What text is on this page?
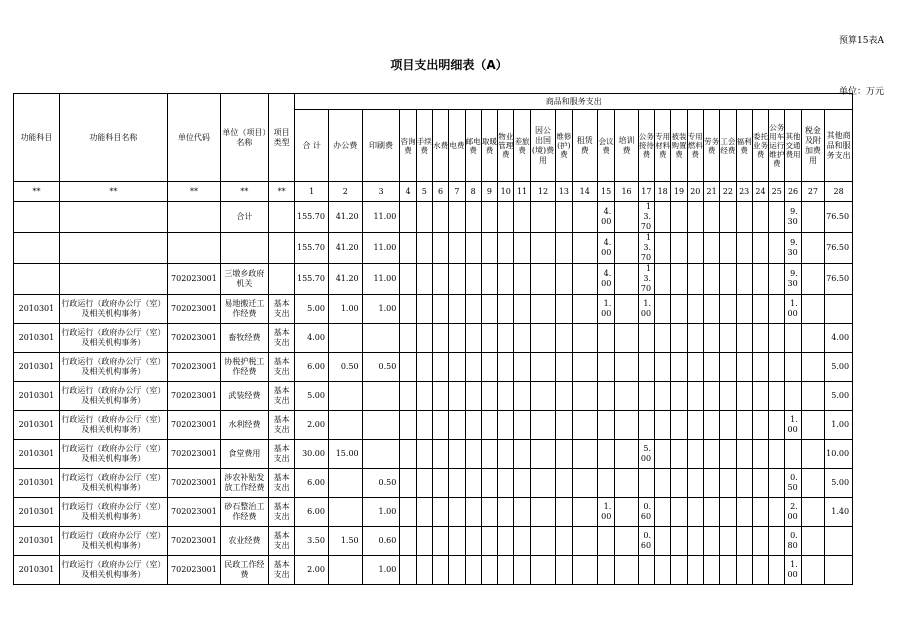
预算15表A
项目支出明细表（A）
单位：万元
功能科目	功能科目名称	单位代码	单位（项目）名称	项目类型	商品和服务支出																											
					合 计	办公费	印刷费	咨询费	手续费	水费	电费	邮电费	取暖费	物业管理费	差旅费	因公出国(境)费用	维修(护)费	租赁费	会议费	培训费	公务接待费	专用材料费	被装购置费	专用燃料费	劳务费	工会经费	福利费	委托业务费	公务用车运行维护费	其他交通费用	税金及附加费用	其他商品和服务支出
**	**	**	**	**	1	2	3	4	5	6	7	8	9	10	11	12	13	14	15	16	17	18	19	20	21	22	23	24	25	26	27	28
			合计		155.70	41.20	11.00												4.00		13.70									9.30		76.50
					155.70	41.20	11.00												4.00		13.70									9.30		76.50
		702023001	三墩乡政府机关		155.70	41.20	11.00												4.00		13.70									9.30		76.50
2010301	行政运行（政府办公厅（室）及相关机构事务）	702023001	易地搬迁工作经费	基本支出	5.00	1.00	1.00												1.00		1.00									1.00		
2010301	行政运行（政府办公厅（室）及相关机构事务）	702023001	畜牧经费	基本支出	4.00																											4.00
2010301	行政运行（政府办公厅（室）及相关机构事务）	702023001	协税护税工作经费	基本支出	6.00	0.50	0.50																									5.00
2010301	行政运行（政府办公厅（室）及相关机构事务）	702023001	武装经费	基本支出	5.00																											5.00
2010301	行政运行（政府办公厅（室）及相关机构事务）	702023001	水利经费	基本支出	2.00																									1.00		1.00
2010301	行政运行（政府办公厅（室）及相关机构事务）	702023001	食堂费用	基本支出	30.00	15.00															5.00											10.00
2010301	行政运行（政府办公厅（室）及相关机构事务）	702023001	涉农补贴发放工作经费	基本支出	6.00		0.50																							0.50		5.00
2010301	行政运行（政府办公厅（室）及相关机构事务）	702023001	砂石整治工作经费	基本支出	6.00		1.00												1.00		0.60									2.00		1.40
2010301	行政运行（政府办公厅（室）及相关机构事务）	702023001	农业经费	基本支出	3.50	1.50	0.60														0.60									0.80		
2010301	行政运行（政府办公厅（室）及相关机构事务）	702023001	民政工作经费	基本支出	2.00		1.00																							1.00		
